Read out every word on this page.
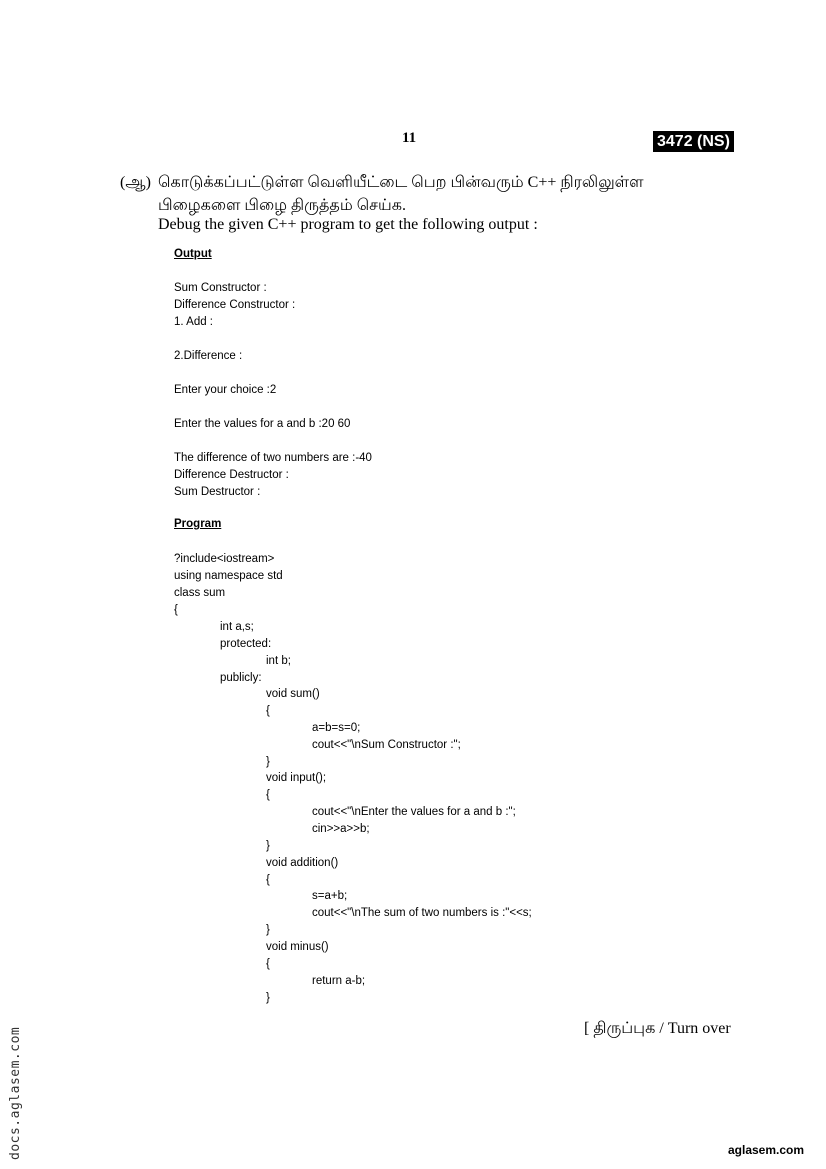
11	3472 (NS)
(ஆ) கொடுக்கப்பட்டுள்ள வெளியீட்டை பெற பின்வரும் C++ நிரலிலுள்ள
பிழைகளை பிழை திருத்தம் செய்க.
Debug the given C++ program to get the following output :
Output
Sum Constructor :
Difference Constructor :
1. Add :
2.Difference :
Enter your choice :2
Enter the values for a and b :20 60
The difference of two numbers are :-40
Difference Destructor :
Sum Destructor :
Program
?include<iostream>
using namespace std
class sum
{
int a,s;
protected:
int b;
publicly:
void sum()
{
a=b=s=0;
cout<<"\nSum Constructor :";
}
void input();
{
cout<<"\nEnter the values for a and b :";
cin>>a>>b;
}
void addition()
{
s=a+b;
cout<<"\nThe sum of two numbers is :"<<s;
}
void minus()
{
return a-b;
}
[ திருப்புக / Turn over
docs.aglasem.com	aglasem.com
